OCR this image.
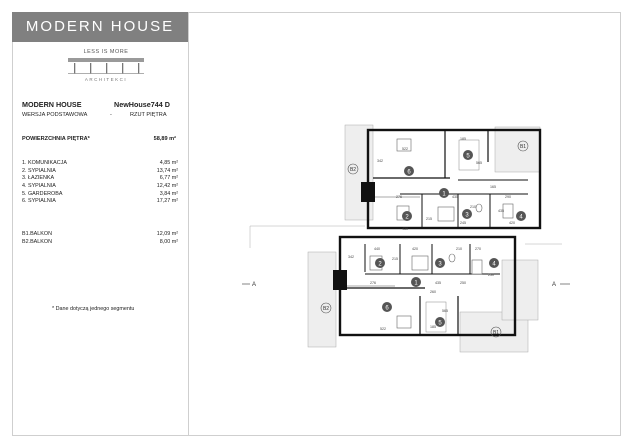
MODERN HOUSE
LESS IS MORE
ARCHITEKCI
MODERN HOUSE	NewHouse744 D
WERSJA PODSTAWOWA	-	RZUT PIĘTRA
POWIERZCHNIA PIĘTRA*	58,89 m²
1. KOMUNIKACJA	4,85 m²
2. SYPIALNIA	13,74 m²
3. ŁAZIENKA	6,77 m²
4. SYPIALNIA	12,42 m²
5. GARDEROBA	3,84 m²
6. SYPIALNIA	17,27 m²
B1.BALKON	12,09 m²
B2.BALKON	8,00 m²
* Dane dotyczą jednego segmentu
A	A
6
5
1
2	3	4
B1
B2
342
522
185
565
276	435	290
435
215
430
210
245	420
165
2	3	4
1
6
5
B2
B1
342
440
215
420
435
210	270
276	250
260
250
185
565
522
